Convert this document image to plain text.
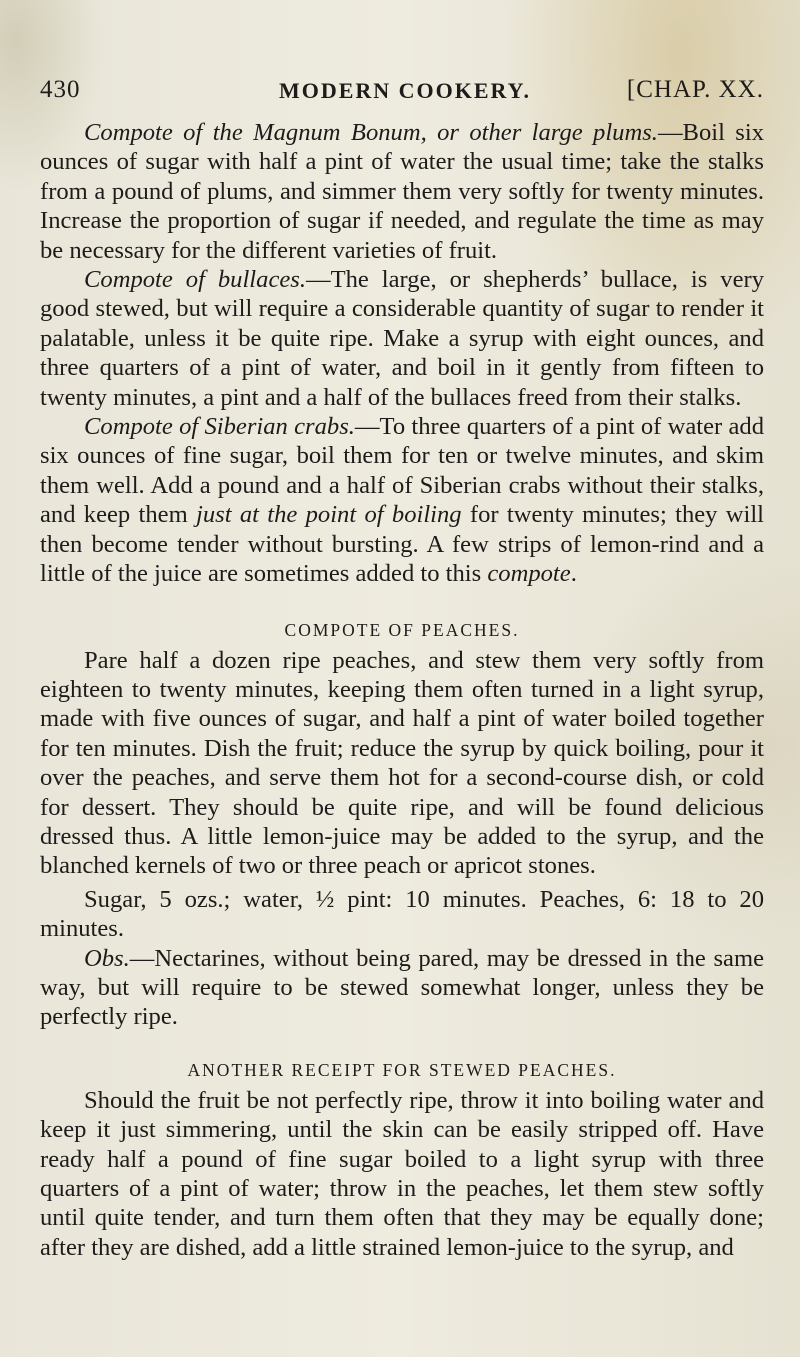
430	MODERN COOKERY.	[CHAP. XX.

Compote of the Magnum Bonum, or other large plums.—Boil six ounces of sugar with half a pint of water the usual time; take the stalks from a pound of plums, and simmer them very softly for twenty minutes. Increase the proportion of sugar if needed, and regulate the time as may be necessary for the different varieties of fruit.

Compote of bullaces.—The large, or shepherds’ bullace, is very good stewed, but will require a considerable quantity of sugar to render it palatable, unless it be quite ripe. Make a syrup with eight ounces, and three quarters of a pint of water, and boil in it gently from fifteen to twenty minutes, a pint and a half of the bullaces freed from their stalks.

Compote of Siberian crabs.—To three quarters of a pint of water add six ounces of fine sugar, boil them for ten or twelve minutes, and skim them well. Add a pound and a half of Siberian crabs without their stalks, and keep them just at the point of boiling for twenty minutes; they will then become tender without bursting. A few strips of lemon-rind and a little of the juice are sometimes added to this compote.

COMPOTE OF PEACHES.

Pare half a dozen ripe peaches, and stew them very softly from eighteen to twenty minutes, keeping them often turned in a light syrup, made with five ounces of sugar, and half a pint of water boiled together for ten minutes. Dish the fruit; reduce the syrup by quick boiling, pour it over the peaches, and serve them hot for a second-course dish, or cold for dessert. They should be quite ripe, and will be found delicious dressed thus. A little lemon-juice may be added to the syrup, and the blanched kernels of two or three peach or apricot stones.

Sugar, 5 ozs.; water, ½ pint: 10 minutes. Peaches, 6: 18 to 20 minutes.

Obs.—Nectarines, without being pared, may be dressed in the same way, but will require to be stewed somewhat longer, unless they be perfectly ripe.

ANOTHER RECEIPT FOR STEWED PEACHES.

Should the fruit be not perfectly ripe, throw it into boiling water and keep it just simmering, until the skin can be easily stripped off. Have ready half a pound of fine sugar boiled to a light syrup with three quarters of a pint of water; throw in the peaches, let them stew softly until quite tender, and turn them often that they may be equally done; after they are dished, add a little strained lemon-juice to the syrup, and
